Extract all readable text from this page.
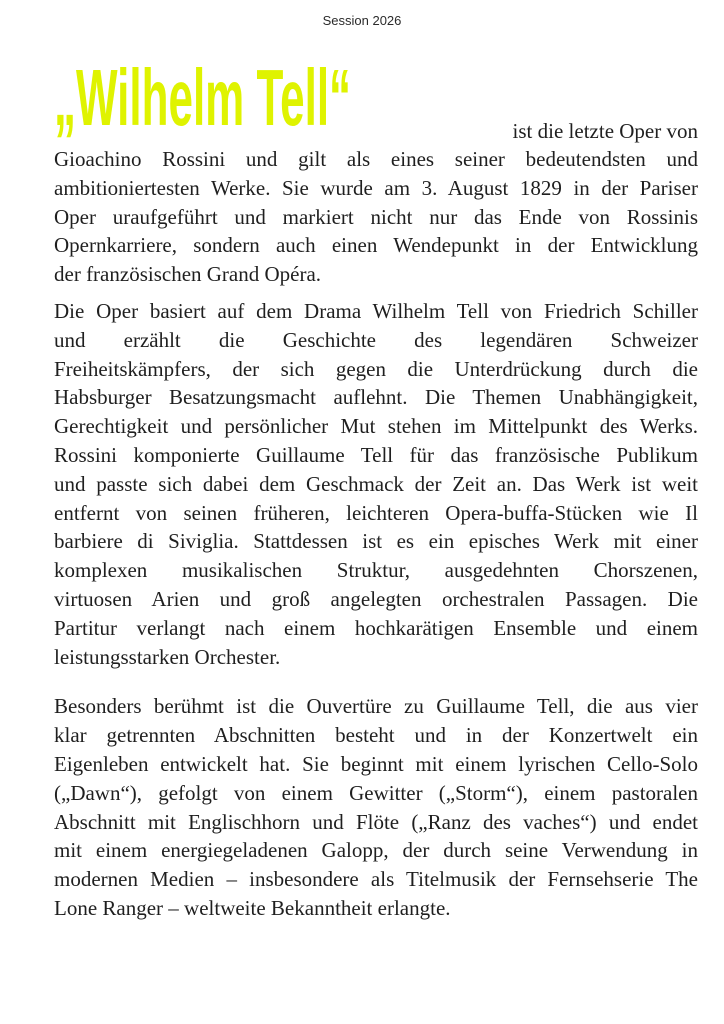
Session 2026
„Wilhelm Tell“	ist die letzte Oper von
Gioachino Rossini und gilt als eines seiner bedeutendsten und
ambitioniertesten Werke. Sie wurde am 3. August 1829 in der Pariser
Oper uraufgeführt und markiert nicht nur das Ende von Rossinis
Opernkarriere, sondern auch einen Wendepunkt in der Entwicklung
der französischen Grand Opéra.
Die Oper basiert auf dem Drama Wilhelm Tell von Friedrich Schiller
und erzählt die Geschichte des legendären Schweizer
Freiheitskämpfers, der sich gegen die Unterdrückung durch die
Habsburger Besatzungsmacht auflehnt. Die Themen Unabhängigkeit,
Gerechtigkeit und persönlicher Mut stehen im Mittelpunkt des Werks.
Rossini komponierte Guillaume Tell für das französische Publikum
und passte sich dabei dem Geschmack der Zeit an. Das Werk ist weit
entfernt von seinen früheren, leichteren Opera-buffa-Stücken wie Il
barbiere di Siviglia. Stattdessen ist es ein episches Werk mit einer
komplexen musikalischen Struktur, ausgedehnten Chorszenen,
virtuosen Arien und groß angelegten orchestralen Passagen. Die
Partitur verlangt nach einem hochkarätigen Ensemble und einem
leistungsstarken Orchester.
Besonders berühmt ist die Ouvertüre zu Guillaume Tell, die aus vier
klar getrennten Abschnitten besteht und in der Konzertwelt ein
Eigenleben entwickelt hat. Sie beginnt mit einem lyrischen Cello-Solo
(„Dawn“), gefolgt von einem Gewitter („Storm“), einem pastoralen
Abschnitt mit Englischhorn und Flöte („Ranz des vaches“) und endet
mit einem energiegeladenen Galopp, der durch seine Verwendung in
modernen Medien – insbesondere als Titelmusik der Fernsehserie The
Lone Ranger – weltweite Bekanntheit erlangte.
